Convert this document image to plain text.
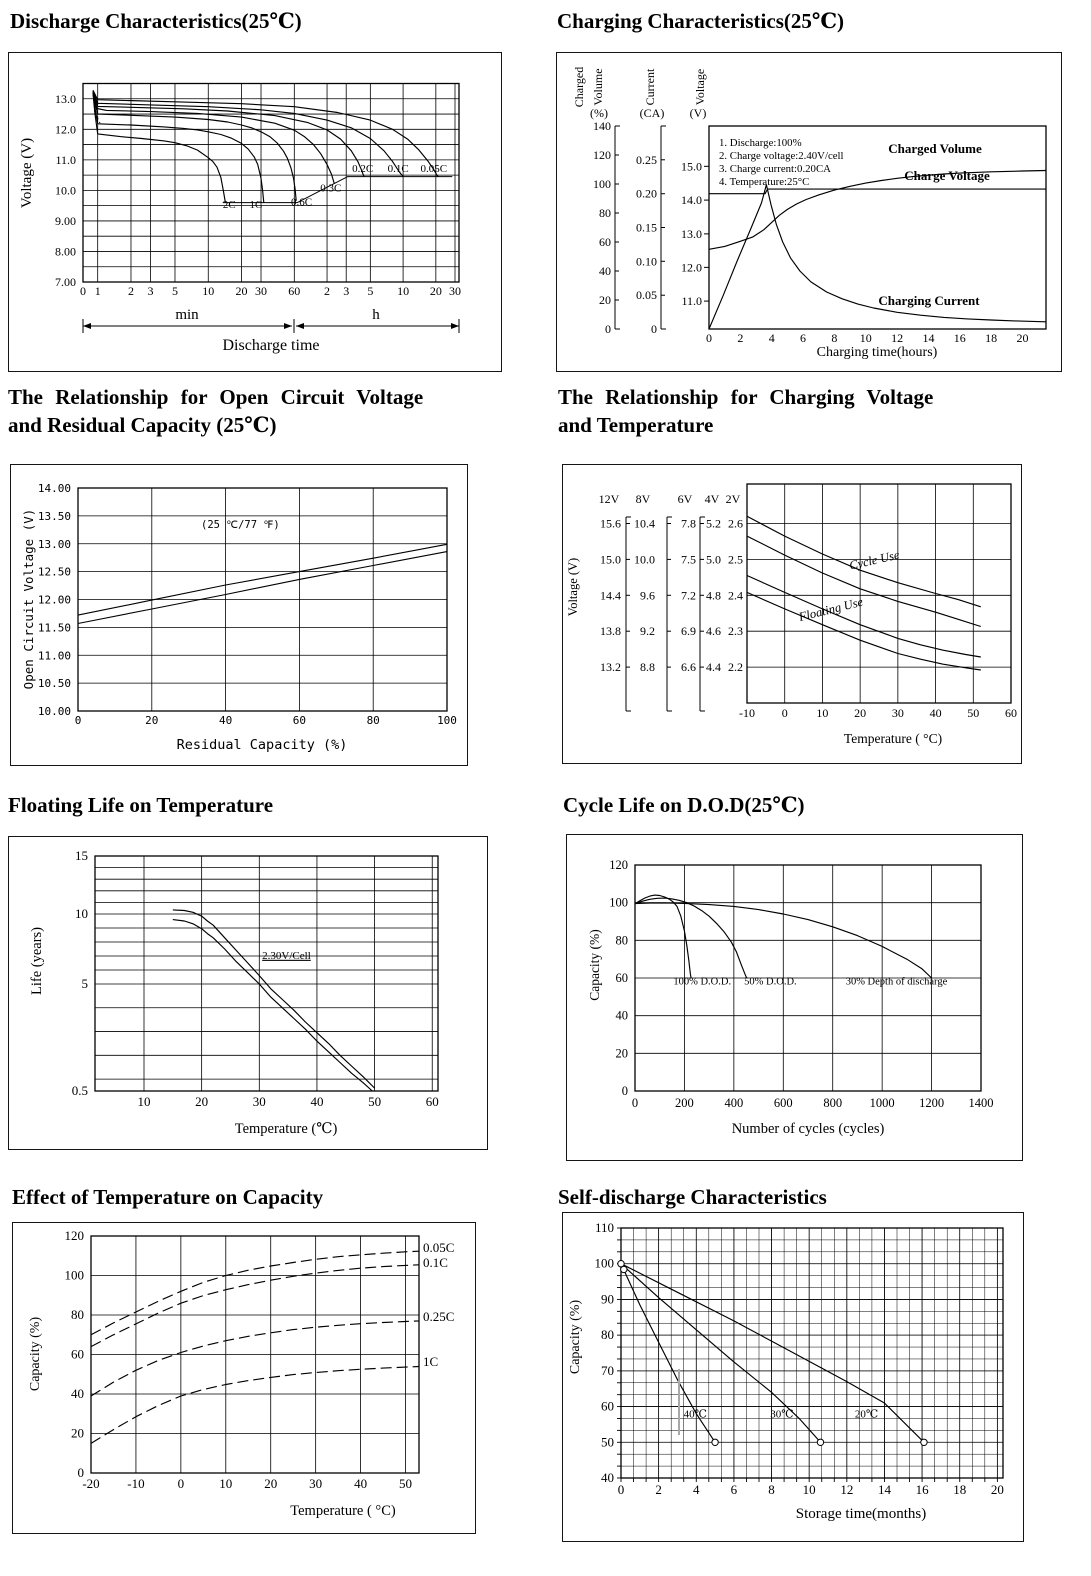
Discharge Characteristics(25℃)
0 1 2 3 5 10 20 30 60 2 3 5 10 20 30
13.0
12.0
11.0
10.0
9.00
8.00
7.00
2C 1C	0.6C
0.3C
0.2C 0.1C 0.05C
min	h
Discharge time
Voltage (V)
Charging Characteristics(25℃)
0
20
40
60
80
100
120
140
0
0.05
0.10
0.15
0.20
0.25
11.0
12.0
13.0
14.0
15.0
0 2 4 6 8 10 12 14 16 18 20
1. Discharge:100%
2. Charge voltage:2.40V/cell
3. Charge current:0.20CA
4. Temperature:25°C
Charged Volume
Charge Voltage
Charging Current
Charged Volume	Current	Voltage
(%)	(CA) (V)
Charging time(hours)
The Relationship for Open Circuit Voltage
and Residual Capacity (25℃)
0	20	40	60	80	100
14.00
13.50
13.00
12.50
12.00
11.50
11.00
10.50
10.00
(25 ℃/77 ℉)
Residual Capacity (%)
Open Circuit Voltage (V)
The Relationship for Charging Voltage
and Temperature
12V
15.6
15.0
14.4
13.8
13.2
8V
10.4
10.0
9.6
9.2
8.8
6V
7.8
7.5
7.2
6.9
6.6
4V
5.2
5.0
4.8
4.6
4.4
2V
2.6
2.5
2.4
2.3
2.2
-10 0 10 20 30 40 50 60
Cycle Use
Floating Use
Temperature ( °C)
Voltage (V)
Floating Life on Temperature
10	20	30	40	50	60
15
10
5
0.5
2.30V/Cell
Temperature (℃)
Life (years)
Cycle Life on D.O.D(25℃)
0	200 400 600 800 1000 1200 1400
0
20
40
60
80
100
120
100% D.O.D. 50% D.O.D.	30% Depth of discharge
Number of cycles (cycles)
Capacity (%)
Effect of Temperature on Capacity
-20 -10	0	10 20 30 40 50
0
20
40
60
80
100
120
0.05C
0.1C
0.25C
1C
Temperature ( °C)
Capacity (%)
Self-discharge Characteristics
0 2 4 6 8 10 12 14 16 18 20
40
50
60
70
80
90
100
110
40℃	30℃	20℃
Storage time(months)
Capacity (%)
